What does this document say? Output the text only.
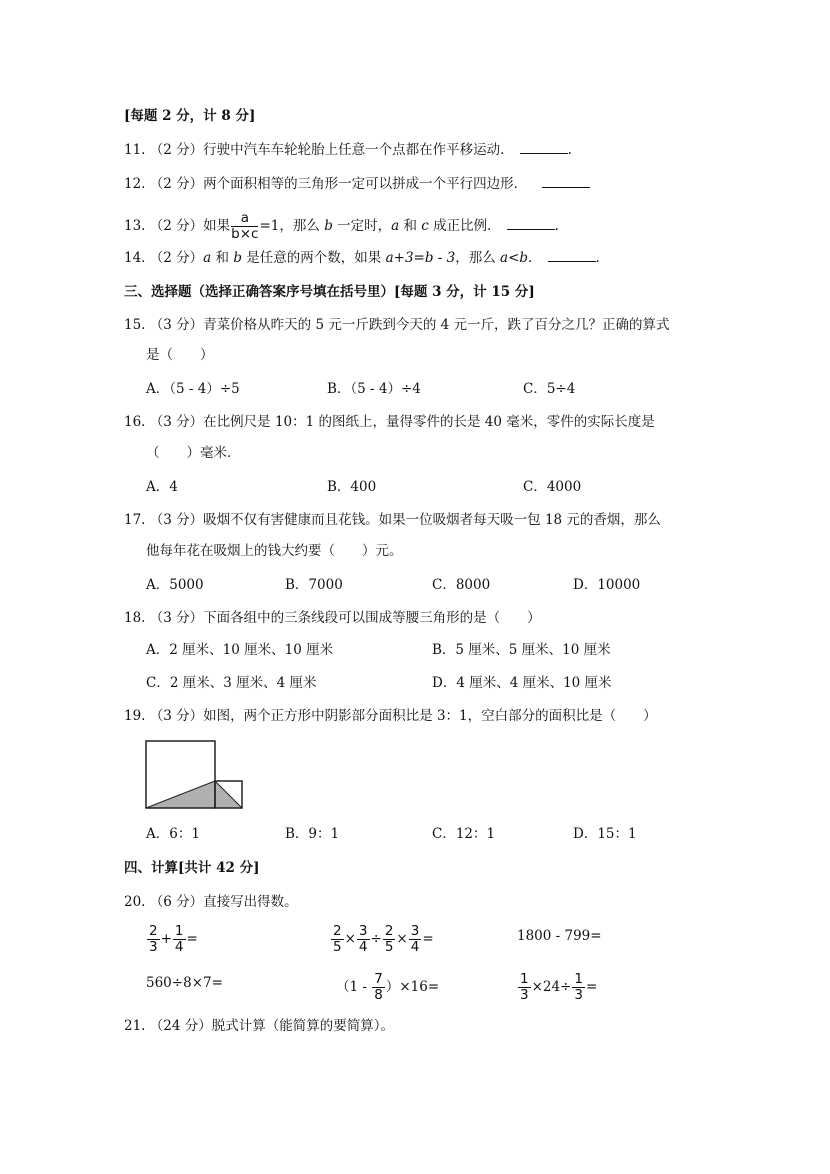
[每题 2 分，计 8 分]
11. （2 分）行驶中汽车车轮轮胎上任意一个点都在作平移运动．	.
12. （2 分）两个面积相等的三角形一定可以拼成一个平行四边形．
13. （2 分）如果 $\frac{a}{b\times c} =1$，那么 b 一定时，a 和 c 成正比例．	.
14. （2 分）a 和 b 是任意的两个数，如果 a+3=b - 3，那么 a<b．	.
三、选择题（选择正确答案序号填在括号里）[每题 3 分，计 15 分]
15. （3 分）青菜价格从昨天的 5 元一斤跌到今天的 4 元一斤，跌了百分之几？正确的算式
是（　　）
A．（5 - 4）÷5	B．（5 - 4）÷4	C．5÷4
16. （3 分）在比例尺是 10：1 的图纸上，量得零件的长是 40 毫米，零件的实际长度是
（　　）毫米．
A．4	B．400	C．4000
17. （3 分）吸烟不仅有害健康而且花钱。如果一位吸烟者每天吸一包 18 元的香烟，那么
他每年花在吸烟上的钱大约要（　　）元。
A．5000	B．7000	C．8000	D．10000
18. （3 分）下面各组中的三条线段可以围成等腰三角形的是（　　）
A．2 厘米、10 厘米、10 厘米	B．5 厘米、5 厘米、10 厘米
C．2 厘米、3 厘米、4 厘米	D．4 厘米、4 厘米、10 厘米
19. （3 分）如图，两个正方形中阴影部分面积比是 3：1，空白部分的面积比是（　　）
A．6：1	B．9：1	C．12：1	D．15：1
四、计算[共计 42 分]
20. （6 分）直接写出得数。
$\frac{2}{3} + \frac{1}{4}$ =	$\frac{2}{5} \times \frac{3}{4} \div \frac{2}{5} \times \frac{3}{4}$ =	1800 - 799=
560÷8×7=	$(1 - \frac{7}{8} )\times 16=$	$\frac{1}{3} \times 24\div \frac{1}{3}$ =
21. （24 分）脱式计算（能简算的要简算）。
